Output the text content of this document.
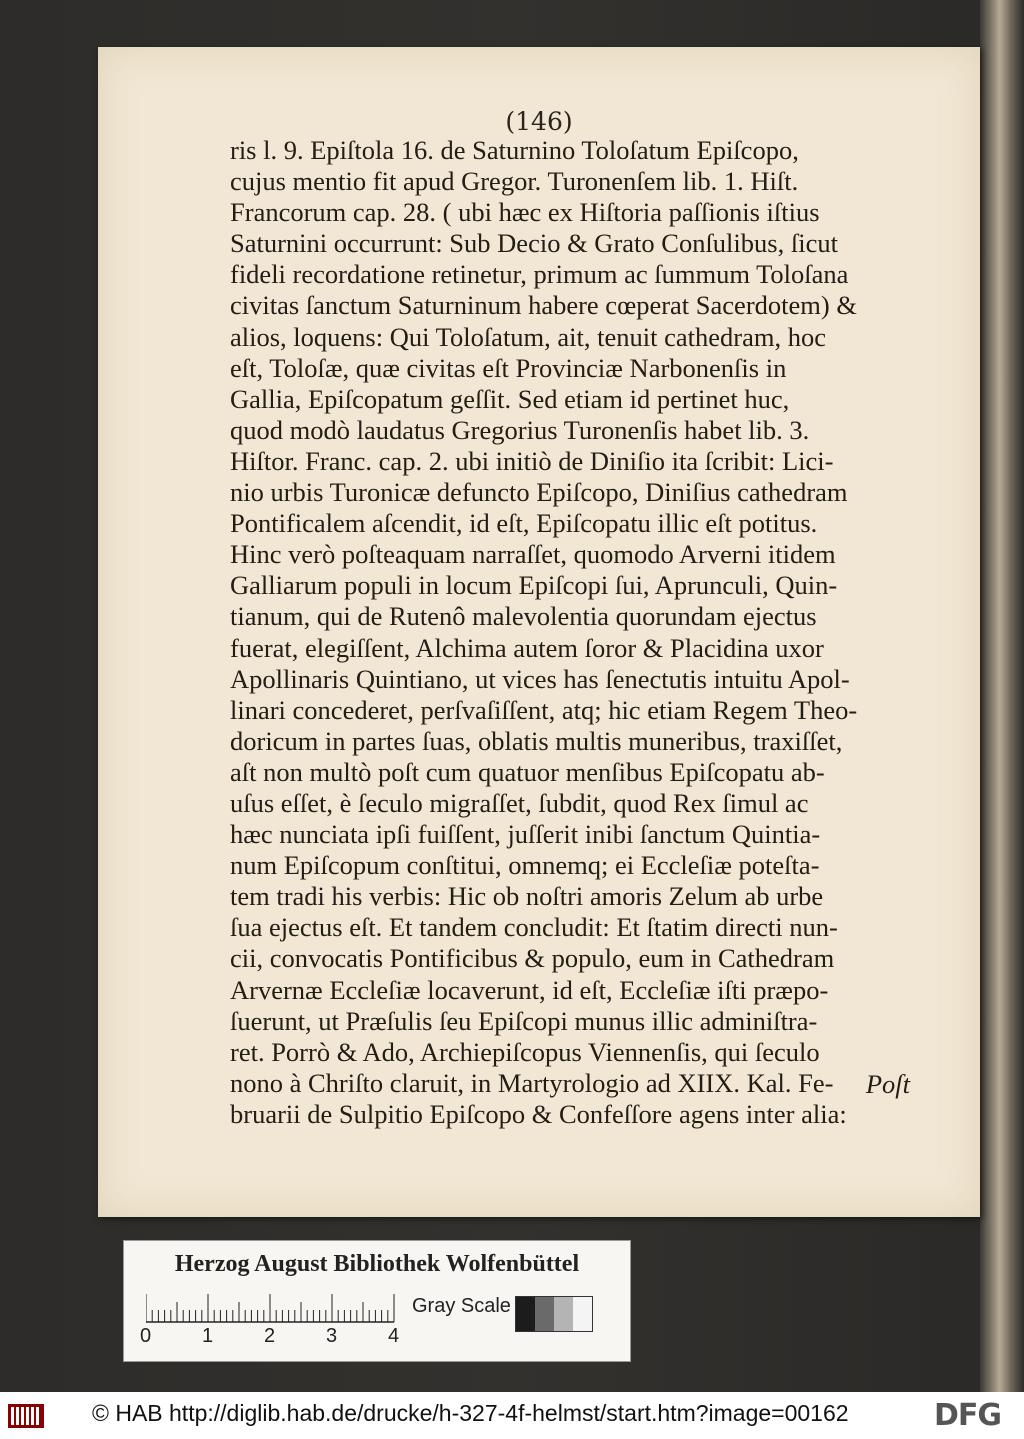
(146)
ris l. 9. Epiſtola 16. de Saturnino Toloſatum Epiſcopo,
cujus mentio fit apud Gregor. Turonenſem lib. 1. Hiſt.
Francorum cap. 28. ( ubi hæc ex Hiſtoria paſſionis iſtius
Saturnini occurrunt: Sub Decio & Grato Conſulibus, ſicut
fideli recordatione retinetur, primum ac ſummum Toloſana
civitas ſanctum Saturninum habere cœperat Sacerdotem) &
alios, loquens: Qui Toloſatum, ait, tenuit cathedram, hoc
eſt, Toloſæ, quæ civitas eſt Provinciæ Narbonenſis in
Gallia, Epiſcopatum geſſit. Sed etiam id pertinet huc,
quod modò laudatus Gregorius Turonenſis habet lib. 3.
Hiſtor. Franc. cap. 2. ubi initiò de Diniſio ita ſcribit: Lici-
nio urbis Turonicæ defuncto Epiſcopo, Diniſius cathedram
Pontificalem aſcendit, id eſt, Epiſcopatu illic eſt potitus.
Hinc verò poſteaquam narraſſet, quomodo Arverni itidem
Galliarum populi in locum Epiſcopi ſui, Aprunculi, Quin-
tianum, qui de Rutenô malevolentia quorundam ejectus
fuerat, elegiſſent, Alchima autem ſoror & Placidina uxor
Apollinaris Quintiano, ut vices has ſenectutis intuitu Apol-
linari concederet, perſvaſiſſent, atq; hic etiam Regem Theo-
doricum in partes ſuas, oblatis multis muneribus, traxiſſet,
aſt non multò poſt cum quatuor menſibus Epiſcopatu ab-
uſus eſſet, è ſeculo migraſſet, ſubdit, quod Rex ſimul ac
hæc nunciata ipſi fuiſſent, juſſerit inibi ſanctum Quintia-
num Epiſcopum conſtitui, omnemq; ei Eccleſiæ poteſta-
tem tradi his verbis: Hic ob noſtri amoris Zelum ab urbe
ſua ejectus eſt. Et tandem concludit: Et ſtatim directi nun-
cii, convocatis Pontificibus & populo, eum in Cathedram
Arvernæ Eccleſiæ locaverunt, id eſt, Eccleſiæ iſti præpo-
ſuerunt, ut Præſulis ſeu Epiſcopi munus illic adminiſtra-
ret. Porrò & Ado, Archiepiſcopus Viennenſis, qui ſeculo
nono à Chriſto claruit, in Martyrologio ad XIIX. Kal. Fe-
bruarii de Sulpitio Epiſcopo & Confeſſore agens inter alia:
Poſt
Herzog August Bibliothek Wolfenbüttel
0	1	2	3	4
Gray Scale
© HAB http://diglib.hab.de/drucke/h-327-4f-helmst/start.htm?image=00162	DFG
